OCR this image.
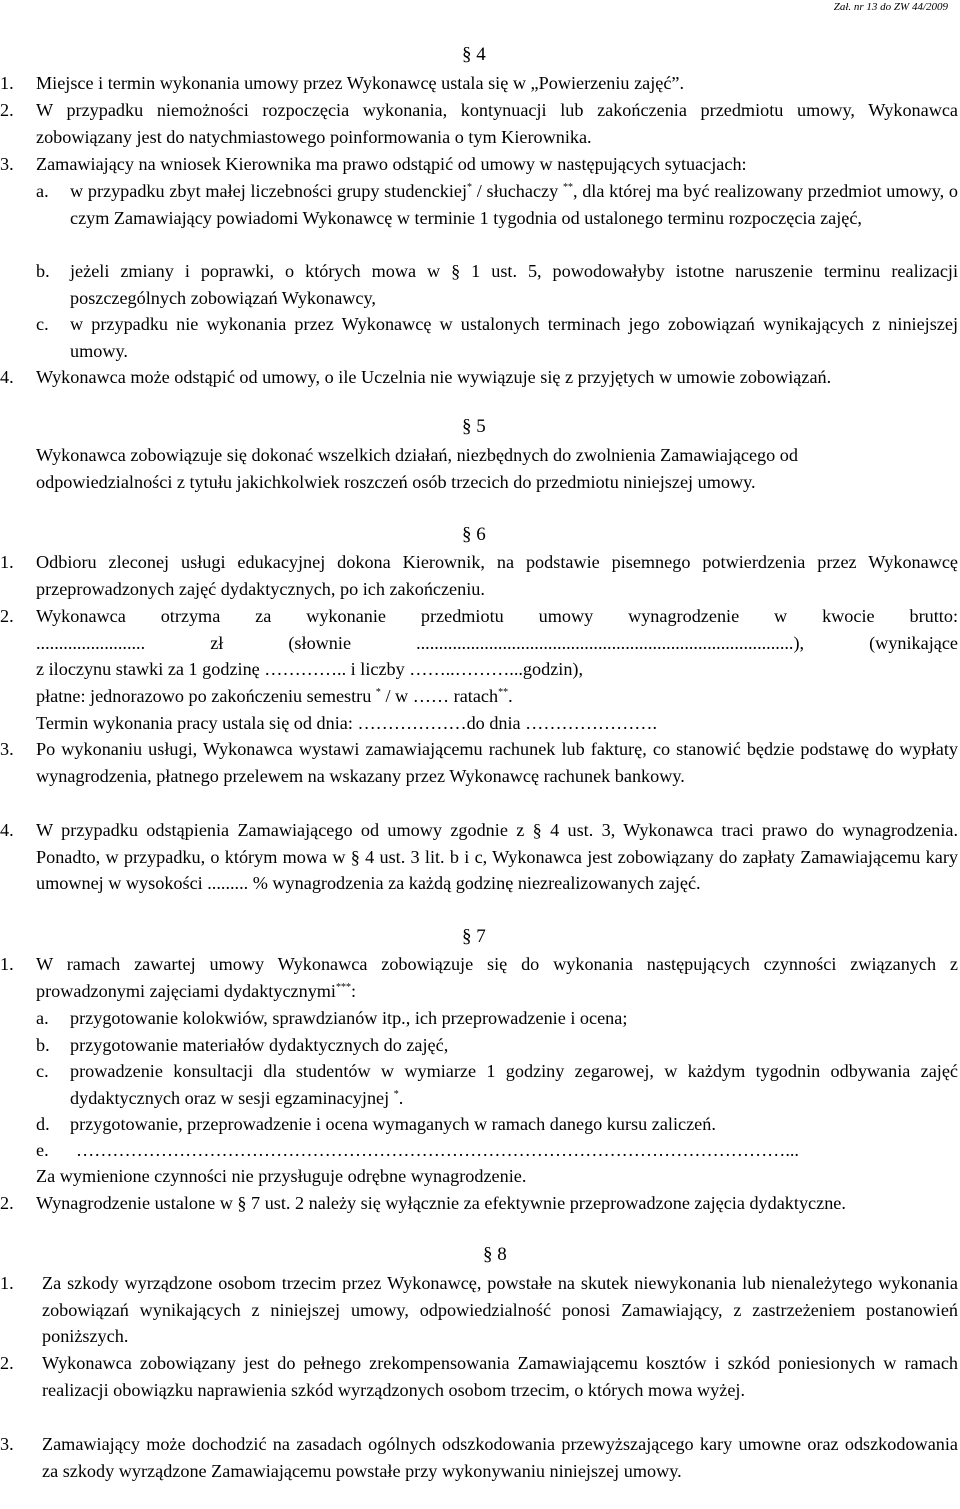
Zał. nr 13 do ZW 44/2009
§ 4
1. Miejsce i termin wykonania umowy przez Wykonawcę ustala się w „Powierzeniu zajęć”.
2. W przypadku niemożności rozpoczęcia wykonania, kontynuacji lub zakończenia przedmiotu umowy, Wykonawca zobowiązany jest do natychmiastowego poinformowania o tym Kierownika.
3. Zamawiający na wniosek Kierownika ma prawo odstąpić od umowy w następujących sytuacjach:
a. w przypadku zbyt małej liczebności grupy studenckiej* / słuchaczy **, dla której ma być realizowany przedmiot umowy, o czym Zamawiający powiadomi Wykonawcę w terminie 1 tygodnia od ustalonego terminu rozpoczęcia zajęć,
b. jeżeli zmiany i poprawki, o których mowa w § 1 ust. 5, powodowałyby istotne naruszenie terminu realizacji poszczególnych zobowiązań Wykonawcy,
c. w przypadku nie wykonania przez Wykonawcę w ustalonych terminach jego zobowiązań wynikających z niniejszej umowy.
4. Wykonawca może odstąpić od umowy, o ile Uczelnia nie wywiązuje się z przyjętych w umowie zobowiązań.
§ 5
Wykonawca zobowiązuje się dokonać wszelkich działań, niezbędnych do zwolnienia Zamawiającego od odpowiedzialności z tytułu jakichkolwiek roszczeń osób trzecich do przedmiotu niniejszej umowy.
§ 6
1. Odbioru zleconej usługi edukacyjnej dokona Kierownik, na podstawie pisemnego potwierdzenia przez Wykonawcę przeprowadzonych zajęć dydaktycznych, po ich zakończeniu.
2. Wykonawca otrzyma za wykonanie przedmiotu umowy wynagrodzenie w kwocie brutto:
........................ zł (słownie ...................................................................................), (wynikające
z iloczynu stawki za 1 godzinę ………….. i liczby ……..………...godzin),
płatne: jednorazowo po zakończeniu semestru * / w …… ratach**.
Termin wykonania pracy ustala się od dnia: ………………do dnia ………………….
3. Po wykonaniu usługi, Wykonawca wystawi zamawiającemu rachunek lub fakturę, co stanowić będzie podstawę do wypłaty wynagrodzenia, płatnego przelewem na wskazany przez Wykonawcę rachunek bankowy.
4. W przypadku odstąpienia Zamawiającego od umowy zgodnie z § 4 ust. 3, Wykonawca traci prawo do wynagrodzenia. Ponadto, w przypadku, o którym mowa w § 4 ust. 3 lit. b i c, Wykonawca jest zobowiązany do zapłaty Zamawiającemu kary umownej w wysokości ......... % wynagrodzenia za każdą godzinę niezrealizowanych zajęć.
§ 7
1. W ramach zawartej umowy Wykonawca zobowiązuje się do wykonania następujących czynności związanych z prowadzonymi zajęciami dydaktycznymi***:
a. przygotowanie kolokwiów, sprawdzianów itp., ich przeprowadzenie i ocena;
b. przygotowanie materiałów dydaktycznych do zajęć,
c. prowadzenie konsultacji dla studentów w wymiarze 1 godziny zegarowej, w każdym tygodnin odbywania zajęć dydaktycznych oraz w sesji egzaminacyjnej *.
d. przygotowanie, przeprowadzenie i ocena wymaganych w ramach danego kursu zaliczeń.
e. ………………………………………………………………………………………………………...
Za wymienione czynności nie przysługuje odrębne wynagrodzenie.
2. Wynagrodzenie ustalone w § 7 ust. 2 należy się wyłącznie za efektywnie przeprowadzone zajęcia dydaktyczne.
§ 8
1. Za szkody wyrządzone osobom trzecim przez Wykonawcę, powstałe na skutek niewykonania lub nienależytego wykonania zobowiązań wynikających z niniejszej umowy, odpowiedzialność ponosi Zamawiający, z zastrzeżeniem postanowień poniższych.
2. Wykonawca zobowiązany jest do pełnego zrekompensowania Zamawiającemu kosztów i szkód poniesionych w ramach realizacji obowiązku naprawienia szkód wyrządzonych osobom trzecim, o których mowa wyżej.
3. Zamawiający może dochodzić na zasadach ogólnych odszkodowania przewyższającego kary umowne oraz odszkodowania za szkody wyrządzone Zamawiającemu powstałe przy wykonywaniu niniejszej umowy.
